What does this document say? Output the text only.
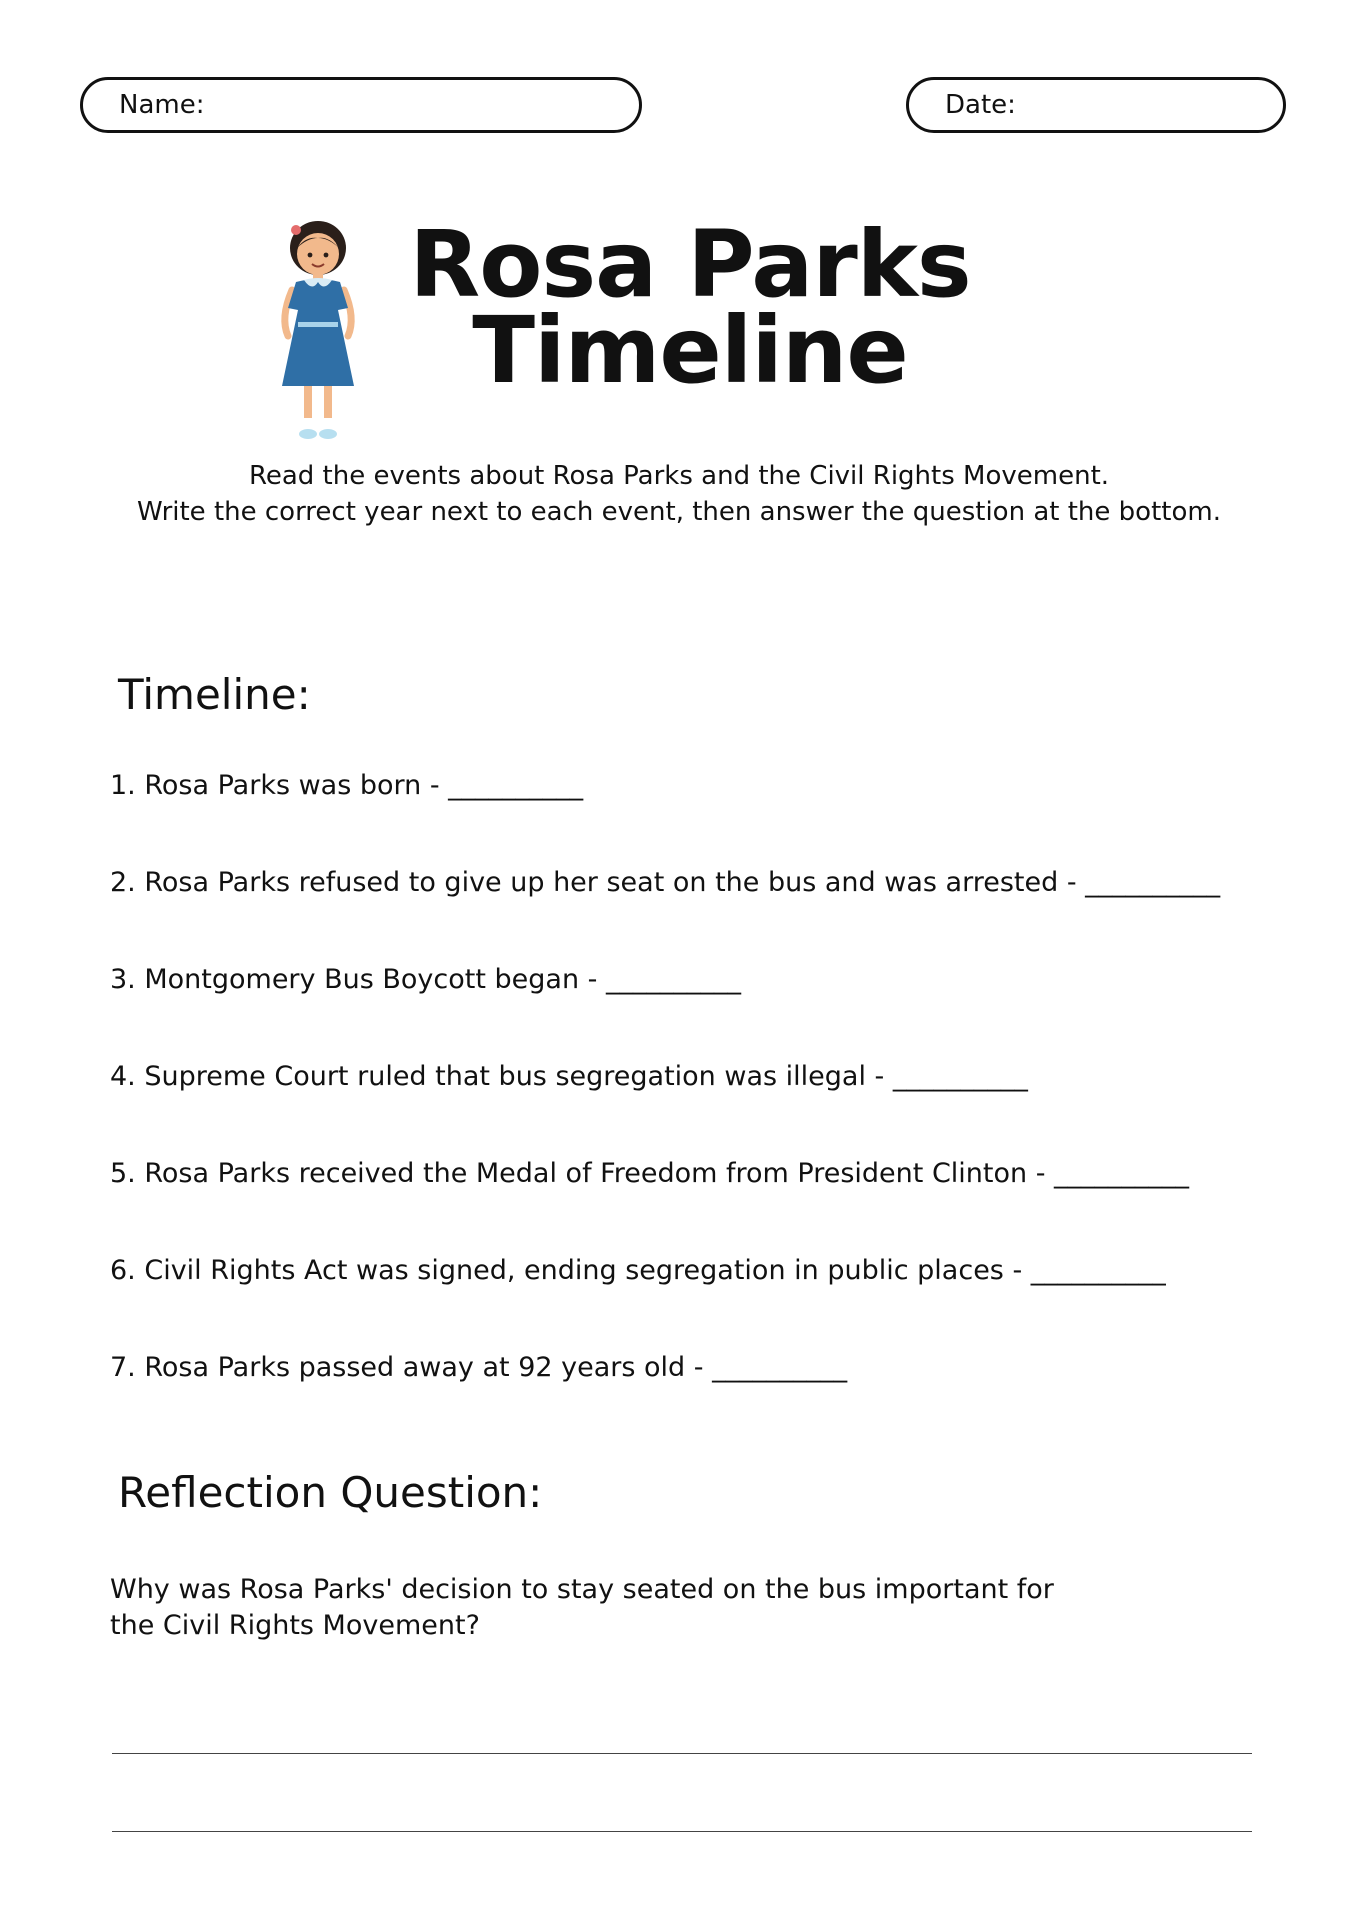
Name:	Date:
Rosa Parks
Timeline
Read the events about Rosa Parks and the Civil Rights Movement.
Write the correct year next to each event, then answer the question at the bottom.
Timeline:
1. Rosa Parks was born - __________
2. Rosa Parks refused to give up her seat on the bus and was arrested - __________
3. Montgomery Bus Boycott began - __________
4. Supreme Court ruled that bus segregation was illegal - __________
5. Rosa Parks received the Medal of Freedom from President Clinton - __________
6. Civil Rights Act was signed, ending segregation in public places - __________
7. Rosa Parks passed away at 92 years old - __________
Reflection Question:
Why was Rosa Parks' decision to stay seated on the bus important for
the Civil Rights Movement?
